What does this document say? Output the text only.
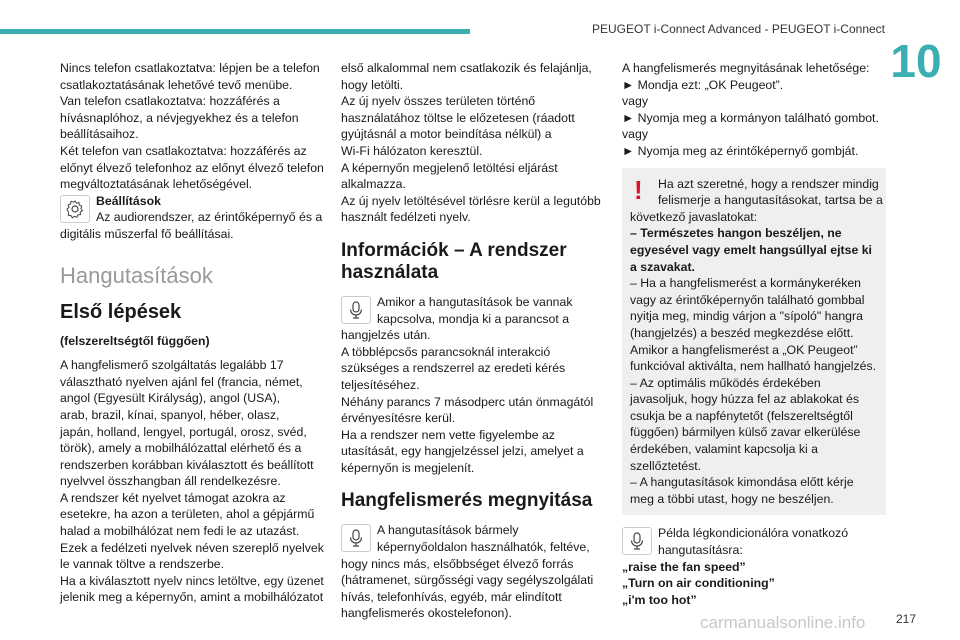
PEUGEOT i-Connect Advanced - PEUGEOT i-Connect
10

Nincs telefon csatlakoztatva: lépjen be a telefon
csatlakoztatásának lehetővé tevő menübe.
Van telefon csatlakoztatva: hozzáférés a
hívásnaplóhoz, a névjegyekhez és a telefon
beállításaihoz.
Két telefon van csatlakoztatva: hozzáférés az
előnyt élvező telefonhoz az előnyt élvező telefon
megváltoztatásának lehetőségével.

Beállítások
Az audiorendszer, az érintőképernyő és a
digitális műszerfal fő beállításai.
Hangutasítások
Első lépések

(felszereltségtől függően)

A hangfelismerő szolgáltatás legalább 17
választható nyelven ajánl fel (francia, német,
angol (Egyesült Királyság), angol (USA),
arab, brazil, kínai, spanyol, héber, olasz,
japán, holland, lengyel, portugál, orosz, svéd,
török), amely a mobilhálózattal elérhető és a
rendszerben korábban kiválasztott és beállított
nyelvvel összhangban áll rendelkezésre.
A rendszer két nyelvet támogat azokra az
esetekre, ha azon a területen, ahol a gépjármű
halad a mobilhálózat nem fedi le az utazást.
Ezek a fedélzeti nyelvek néven szereplő nyelvek
le vannak töltve a rendszerbe.
Ha a kiválasztott nyelv nincs letöltve, egy üzenet
jelenik meg a képernyőn, amint a mobilhálózatot

első alkalommal nem csatlakozik és felajánlja,
hogy letölti.
Az új nyelv összes területen történő
használatához töltse le előzetesen (ráadott
gyújtásnál a motor beindítása nélkül) a
Wi-Fi hálózaton keresztül.
A képernyőn megjelenő letöltési eljárást
alkalmazza.
Az új nyelv letöltésével törlésre kerül a legutóbb
használt fedélzeti nyelv.

Információk – A rendszer
használata
Amikor a hangutasítások be vannak
kapcsolva, mondja ki a parancsot a
hangjelzés után.
A többlépcsős parancsoknál interakció
szükséges a rendszerrel az eredeti kérés
teljesítéséhez.
Néhány parancs 7 másodperc után önmagától
érvényesítésre kerül.
Ha a rendszer nem vette figyelembe az
utasítását, egy hangjelzéssel jelzi, amelyet a
képernyőn is megjelenít.
Hangfelismerés megnyitása
A hangutasítások bármely
képernyőoldalon használhatók, feltéve,
hogy nincs más, elsőbbséget élvező forrás
(hátramenet, sürgősségi vagy segélyszolgálati
hívás, telefonhívás, egyéb, már elindított
hangfelismerés okostelefonon).

A hangfelismerés megnyitásának lehetősége:
► Mondja ezt: „OK Peugeot”.
vagy
► Nyomja meg a kormányon található gombot.
vagy
► Nyomja meg az érintőképernyő gombját.

! Ha azt szeretné, hogy a rendszer mindig
felismerje a hangutasításokat, tartsa be a
következő javaslatokat:
– Természetes hangon beszéljen, ne
egyesével vagy emelt hangsúllyal ejtse ki
a szavakat.
– Ha a hangfelismerést a kormánykeréken
vagy az érintőképernyőn található gombbal
nyitja meg, mindig várjon a "sípoló" hangra
(hangjelzés) a beszéd megkezdése előtt.
Amikor a hangfelismerést a „OK Peugeot”
funkcióval aktiválta, nem hallható hangjelzés.
– Az optimális működés érdekében
javasoljuk, hogy húzza fel az ablakokat és
csukja be a napfénytetőt (felszereltségtől
függően) bármilyen külső zavar elkerülése
érdekében, valamint kapcsolja ki a
szellőztetést.
– A hangutasítások kimondása előtt kérje
meg a többi utast, hogy ne beszéljen.
Példa légkondicionálóra vonatkozó
hangutasításra:
„raise the fan speed”
„Turn on air conditioning”
„i'm too hot”
carmanualsonline.info	217
